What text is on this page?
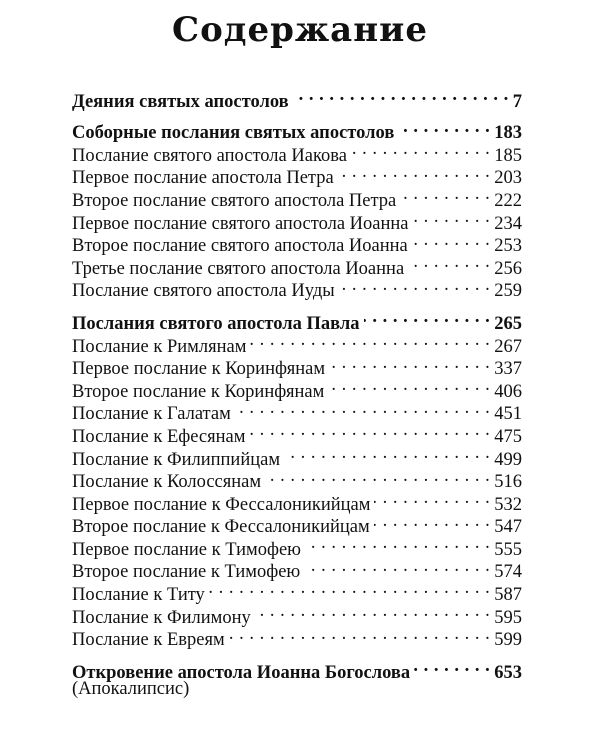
Содержание
Деяния святых апостолов . . .	7
Соборные послания святых апостолов . . .	183
Послание святого апостола Иакова . . .	185
Первое послание апостола Петра . . .	203
Второе послание святого апостола Петра . . .	222
Первое послание святого апостола Иоанна . . .	234
Второе послание святого апостола Иоанна . . .	253
Третье послание святого апостола Иоанна . . .	256
Послание святого апостола Иуды . . .	259
Послания святого апостола Павла . . .	265
Послание к Римлянам . . .	267
Первое послание к Коринфянам . . .	337
Второе послание к Коринфянам . . .	406
Послание к Галатам . . .	451
Послание к Ефесянам . . .	475
Послание к Филиппийцам . . .	499
Послание к Колоссянам . . .	516
Первое послание к Фессалоникийцам . . .	532
Второе послание к Фессалоникийцам . . .	547
Первое послание к Тимофею . . .	555
Второе послание к Тимофею . . .	574
Послание к Титу . . .	587
Послание к Филимону . . .	595
Послание к Евреям . . .	599
Откровение апостола Иоанна Богослова . . .	653
(Апокалипсис)
